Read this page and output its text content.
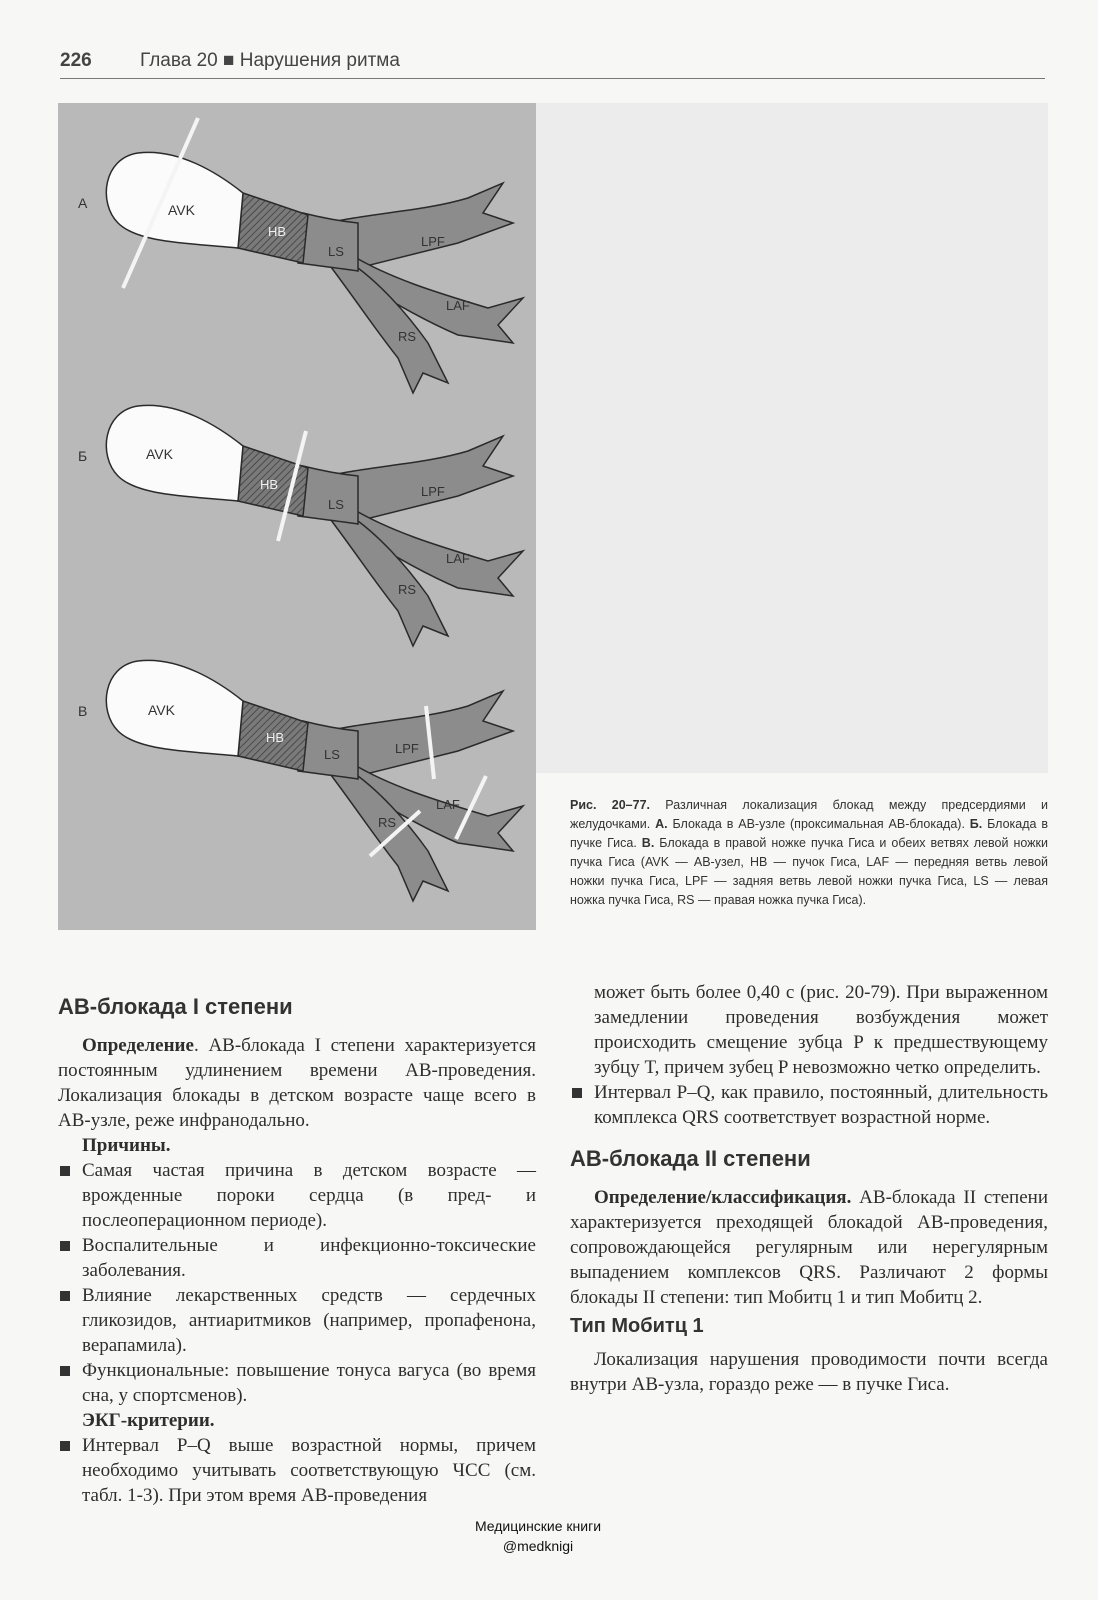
226	Глава 20 ■ Нарушения ритма
А	AVK
HB
LS
LPF
LAF
RS
Б	AVK
HB
LS
LPF
LAF
RS
В	AVK
HB
LS	LPF
LAF
RS
Рис. 20–77. Различная локализация блокад между предсердиями и желудочками. А. Блокада в АВ-узле (проксимальная АВ-блокада). Б. Блокада в пучке Гиса. В. Блокада в правой ножке пучка Гиса и обеих ветвях левой ножки пучка Гиса (AVK — АВ-узел, HB — пучок Гиса, LAF — передняя ветвь левой ножки пучка Гиса, LPF — задняя ветвь левой ножки пучка Гиса, LS — левая ножка пучка Гиса, RS — правая ножка пучка Гиса).
АВ-блокада I степени

Определение. АВ-блокада I степени характеризуется постоянным удлинением времени АВ-проведения. Локализация блокады в детском возрасте чаще всего в АВ-узле, реже инфранодально.

Причины.

Самая частая причина в детском возрасте — врожденные пороки сердца (в пред- и послеоперационном периоде).
Воспалительные и инфекционно-токсические заболевания.
Влияние лекарственных средств — сердечных гликозидов, антиаритмиков (например, пропафенона, верапамила).
Функциональные: повышение тонуса вагуса (во время сна, у спортсменов).

ЭКГ-критерии.

Интервал P–Q выше возрастной нормы, причем необходимо учитывать соответствующую ЧСС (см. табл. 1-3). При этом время АВ-проведения

может быть более 0,40 с (рис. 20-79). При выраженном замедлении проведения возбуждения может происходить смещение зубца P к предшествующему зубцу T, причем зубец P невозможно четко определить.

Интервал P–Q, как правило, постоянный, длительность комплекса QRS соответствует возрастной норме.
АВ-блокада II степени

Определение/классификация. АВ-блокада II степени характеризуется преходящей блокадой АВ-проведения, сопровождающейся регулярным или нерегулярным выпадением комплексов QRS. Различают 2 формы блокады II степени: тип Мобитц 1 и тип Мобитц 2.

Тип Мобитц 1

Локализация нарушения проводимости почти всегда внутри АВ-узла, гораздо реже — в пучке Гиса.

Медицинские книги
@medknigi
